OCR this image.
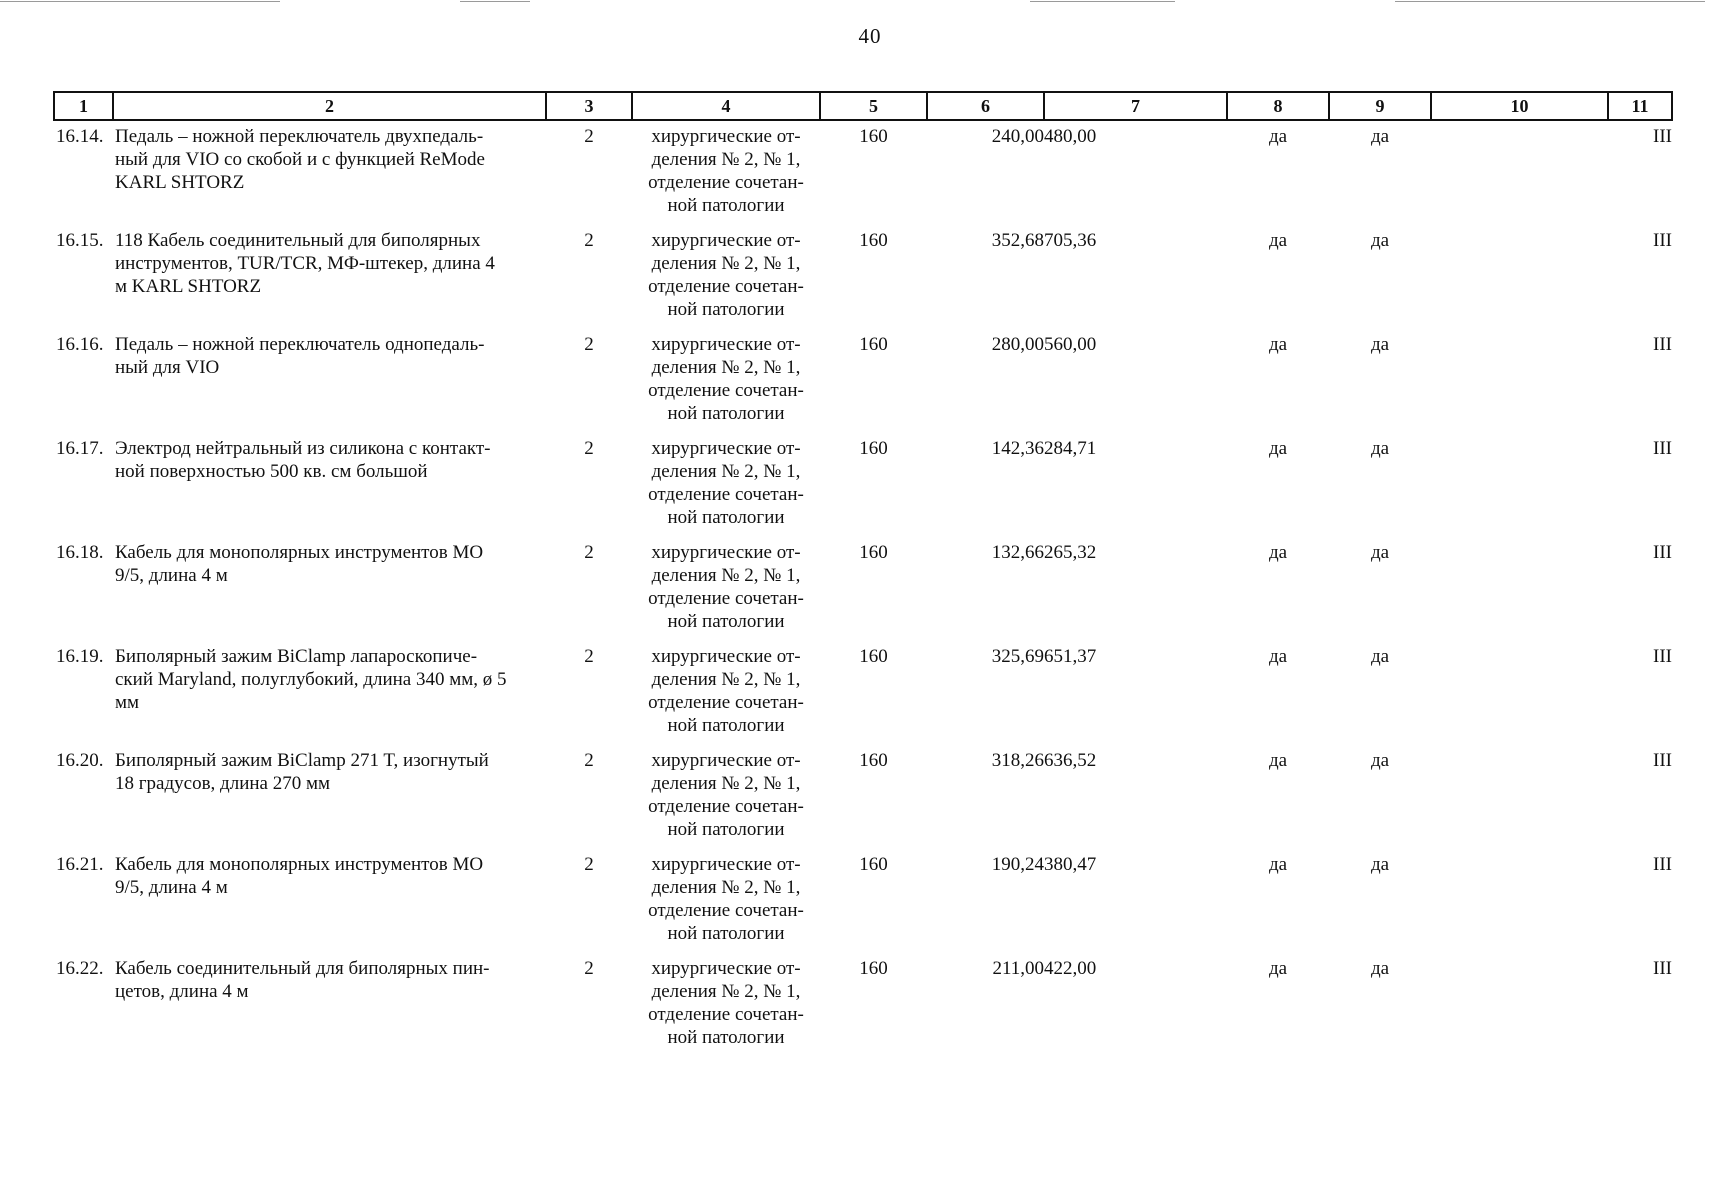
40
1	2	3	4	5	6	7	8	9	10	11

16.14. Педаль – ножной переключатель двухпедаль-
ный для VIO со скобой и с функцией ReMode
KARL SHTORZ		2	хирургические от-
деления № 2, № 1,
отделение сочетан-
ной патологии	160	240,00	480,00	да	да		III

16.15. 118 Кабель соединительный для биполярных
инструментов, TUR/TCR, МФ-штекер, длина 4
м KARL SHTORZ		2	хирургические от-
деления № 2, № 1,
отделение сочетан-
ной патологии	160	352,68	705,36	да	да		III

16.16. Педаль – ножной переключатель однопедаль-
ный для VIO		2	хирургические от-
деления № 2, № 1,
отделение сочетан-
ной патологии	160	280,00	560,00	да	да		III

16.17. Электрод нейтральный из силикона с контакт-
ной поверхностью 500 кв. см большой		2	хирургические от-
деления № 2, № 1,
отделение сочетан-
ной патологии	160	142,36	284,71	да	да		III

16.18. Кабель для монополярных инструментов МО
9/5, длина 4 м		2	хирургические от-
деления № 2, № 1,
отделение сочетан-
ной патологии	160	132,66	265,32	да	да		III

16.19. Биполярный зажим BiClamp лапароскопиче-
ский Maryland, полуглубокий, длина 340 мм, ø 5
мм		2	хирургические от-
деления № 2, № 1,
отделение сочетан-
ной патологии	160	325,69	651,37	да	да		III

16.20. Биполярный зажим BiClamp 271 T, изогнутый
18 градусов, длина 270 мм		2	хирургические от-
деления № 2, № 1,
отделение сочетан-
ной патологии	160	318,26	636,52	да	да		III

16.21. Кабель для монополярных инструментов МО
9/5, длина 4 м		2	хирургические от-
деления № 2, № 1,
отделение сочетан-
ной патологии	160	190,24	380,47	да	да		III

16.22. Кабель соединительный для биполярных пин-
цетов, длина 4 м		2	хирургические от-
деления № 2, № 1,
отделение сочетан-
ной патологии	160	211,00	422,00	да	да		III
